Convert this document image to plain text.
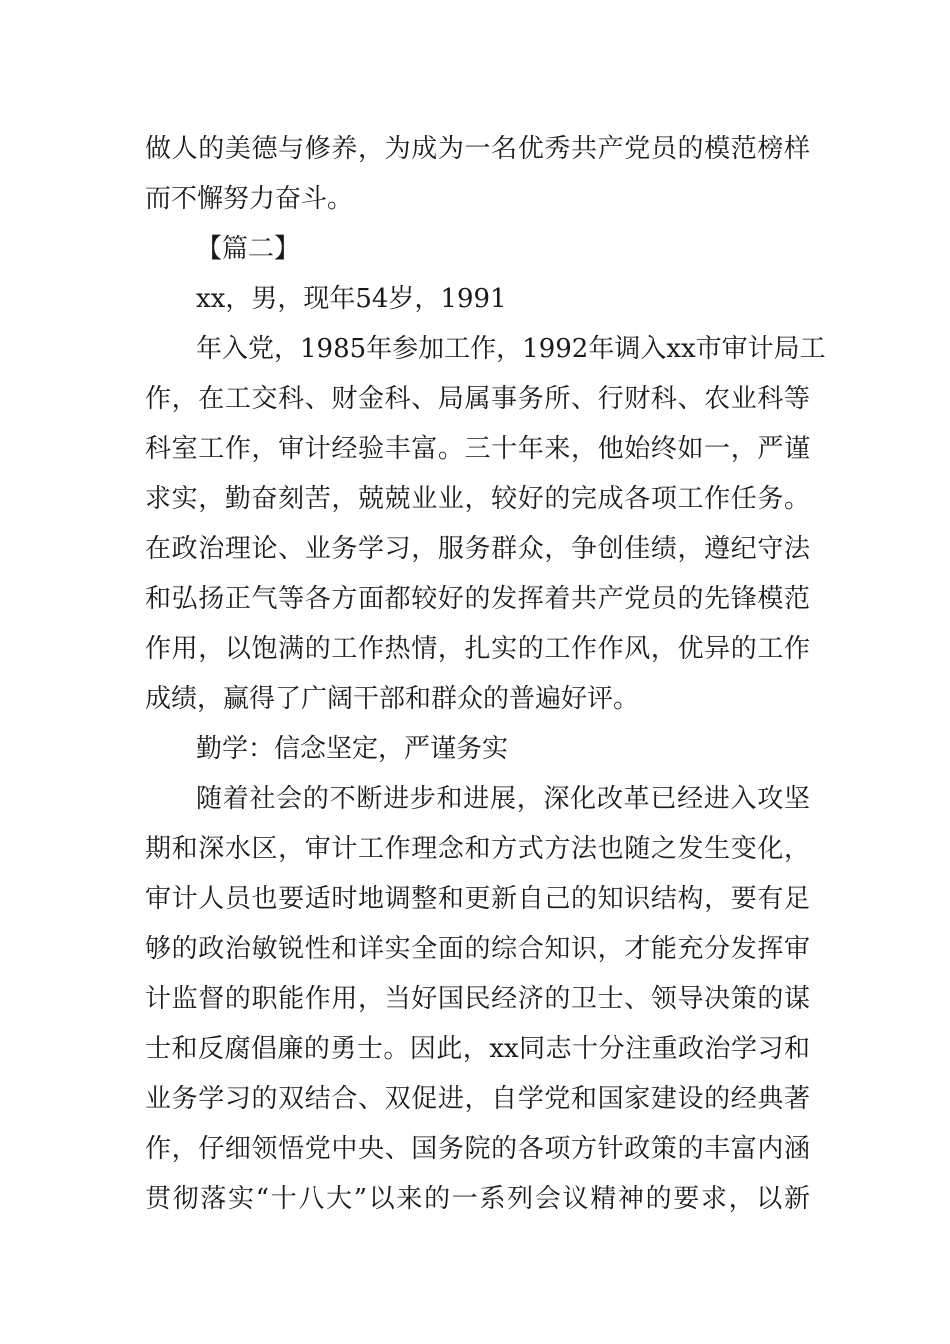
做人的美德与修养，为成为一名优秀共产党员的模范榜样
而不懈努力奋斗。
【篇二】
xx，男，现年54岁，1991
年入党，1985年参加工作，1992年调入xx市审计局工
作，在工交科、财金科、局属事务所、行财科、农业科等
科室工作，审计经验丰富。三十年来，他始终如一，严谨
求实，勤奋刻苦，兢兢业业，较好的完成各项工作任务。
在政治理论、业务学习，服务群众，争创佳绩，遵纪守法
和弘扬正气等各方面都较好的发挥着共产党员的先锋模范
作用，以饱满的工作热情，扎实的工作作风，优异的工作
成绩，赢得了广阔干部和群众的普遍好评。
勤学：信念坚定，严谨务实
随着社会的不断进步和进展，深化改革已经进入攻坚
期和深水区，审计工作理念和方式方法也随之发生变化，
审计人员也要适时地调整和更新自己的知识结构，要有足
够的政治敏锐性和详实全面的综合知识，才能充分发挥审
计监督的职能作用，当好国民经济的卫士、领导决策的谋
士和反腐倡廉的勇士。因此，xx同志十分注重政治学习和
业务学习的双结合、双促进，自学党和国家建设的经典著
作，仔细领悟党中央、国务院的各项方针政策的丰富内涵
贯彻落实“十八大”以来的一系列会议精神的要求，以新
